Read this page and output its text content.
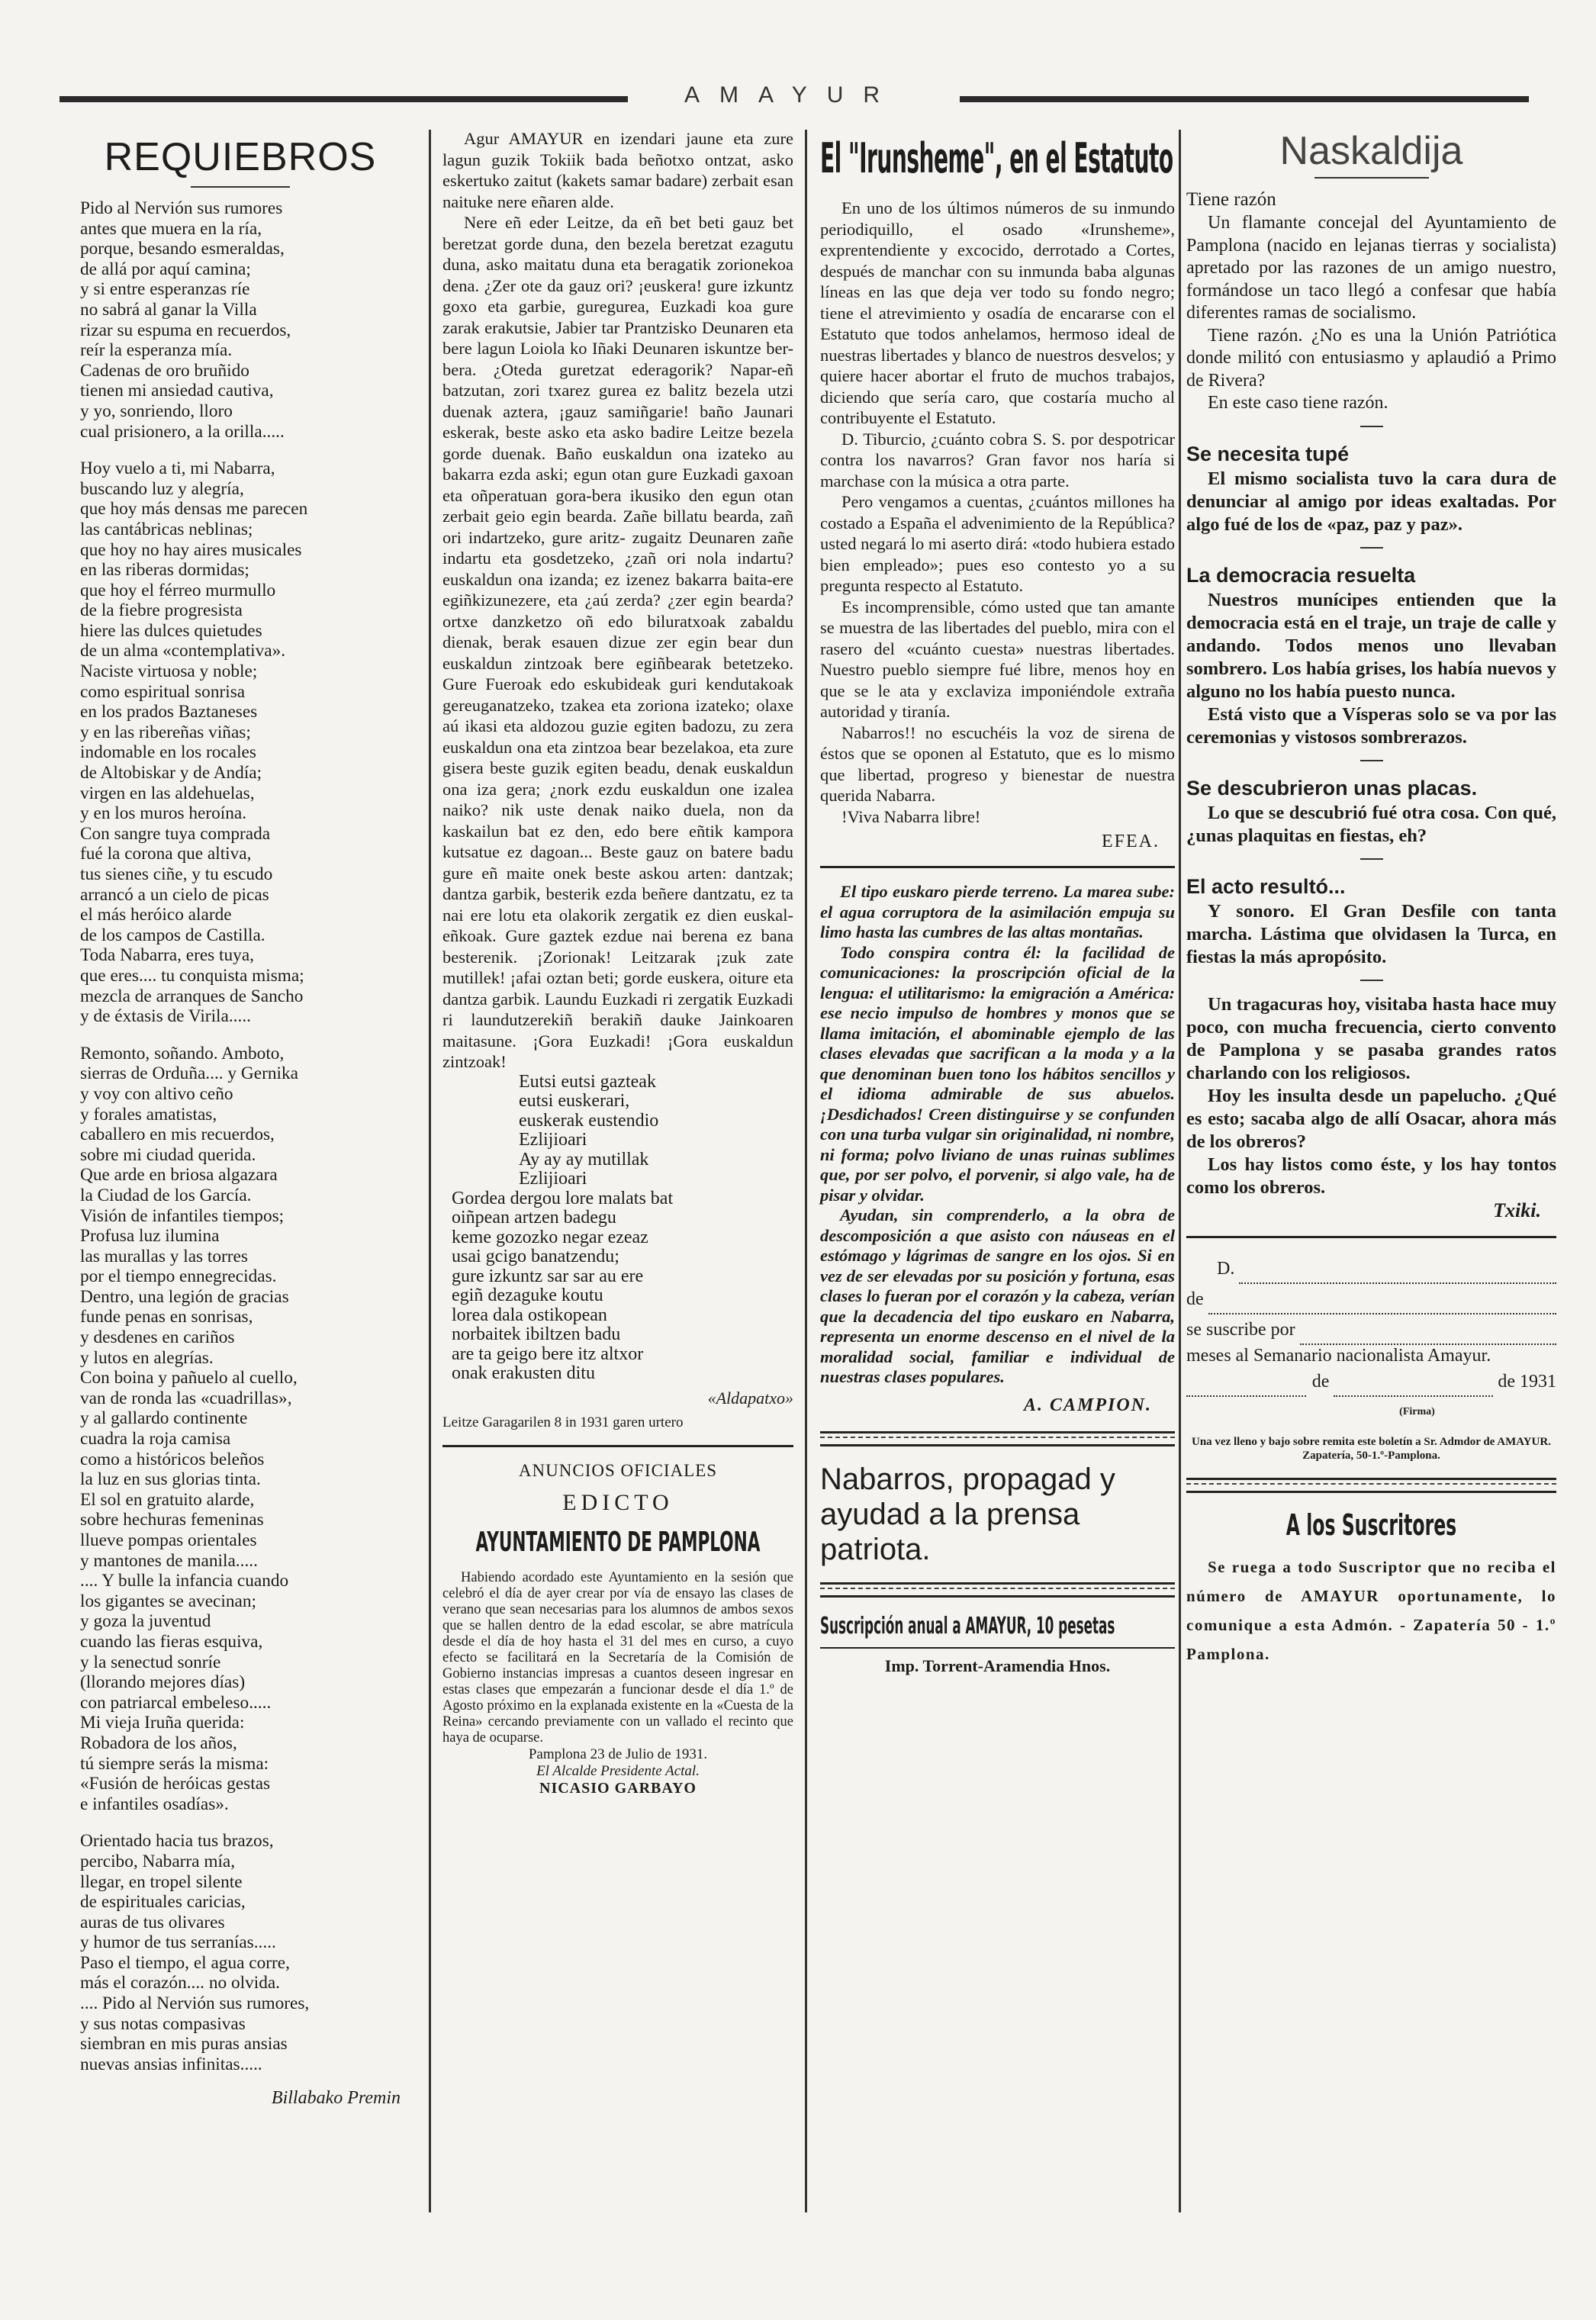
AMAYUR
REQUIEBROS
Pido al Nervión sus rumores
antes que muera en la ría,
porque, besando esmeraldas,
de allá por aquí camina;
y si entre esperanzas ríe
no sabrá al ganar la Villa
rizar su espuma en recuerdos,
reír la esperanza mía.
Cadenas de oro bruñido
tienen mi ansiedad cautiva,
y yo, sonriendo, lloro
cual prisionero, a la orilla.....
Hoy vuelo a ti, mi Nabarra,
buscando luz y alegría,
que hoy más densas me parecen
las cantábricas neblinas;
que hoy no hay aires musicales
en las riberas dormidas;
que hoy el férreo murmullo
de la fiebre progresista
hiere las dulces quietudes
de un alma «contemplativa».
Naciste virtuosa y noble;
como espiritual sonrisa
en los prados Baztaneses
y en las ribereñas viñas;
indomable en los rocales
de Altobiskar y de Andía;
virgen en las aldehuelas,
y en los muros heroína.
Con sangre tuya comprada
fué la corona que altiva,
tus sienes ciñe, y tu escudo
arrancó a un cielo de picas
el más heróico alarde
de los campos de Castilla.
Toda Nabarra, eres tuya,
que eres.... tu conquista misma;
mezcla de arranques de Sancho
y de éxtasis de Virila.....
Remonto, soñando. Amboto,
sierras de Orduña.... y Gernika
y voy con altivo ceño
y forales amatistas,
caballero en mis recuerdos,
sobre mi ciudad querida.
Que arde en briosa algazara
la Ciudad de los García.
Visión de infantiles tiempos;
Profusa luz ilumina
las murallas y las torres
por el tiempo ennegrecidas.
Dentro, una legión de gracias
funde penas en sonrisas,
y desdenes en cariños
y lutos en alegrías.
Con boina y pañuelo al cuello,
van de ronda las «cuadrillas»,
y al gallardo continente
cuadra la roja camisa
como a históricos beleños
la luz en sus glorias tinta.
El sol en gratuito alarde,
sobre hechuras femeninas
llueve pompas orientales
y mantones de manila.....
.... Y bulle la infancia cuando
los gigantes se avecinan;
y goza la juventud
cuando las fieras esquiva,
y la senectud sonríe
(llorando mejores días)
con patriarcal embeleso.....
Mi vieja Iruña querida:
Robadora de los años,
tú siempre serás la misma:
«Fusión de heróicas gestas
e infantiles osadías».
Orientado hacia tus brazos,
percibo, Nabarra mía,
llegar, en tropel silente
de espirituales caricias,
auras de tus olivares
y humor de tus serranías.....
Paso el tiempo, el agua corre,
más el corazón.... no olvida.
.... Pido al Nervión sus rumores,
y sus notas compasivas
siembran en mis puras ansias
nuevas ansias infinitas.....
Billabako Premin

Agur AMAYUR en izendari jaune eta zure lagun guzik Tokiik bada beñotxo ontzat, asko eskertuko zaitut (kakets samar badare) zerbait esan naituke nere eñaren alde.

Nere eñ eder Leitze, da eñ bet beti gauz bet beretzat gorde duna, den bezela beretzat ezagutu duna, asko maitatu duna eta beragatik zorionekoa dena. ¿Zer ote da gauz ori? ¡euskera! gure izkuntz goxo eta garbie, guregurea, Euzkadi koa gure zarak erakutsie, Jabier tar Prantzisko Deunaren eta bere lagun Loiola ko Iñaki Deunaren iskuntze ber-bera. ¿Oteda guretzat ederagorik? Napar-eñ batzutan, zori txarez gurea ez balitz bezela utzi duenak aztera, ¡gauz samiñgarie! baño Jaunari eskerak, beste asko eta asko badire Leitze bezela gorde duenak. Baño euskaldun ona izateko au bakarra ezda aski; egun otan gure Euzkadi gaxoan eta oñperatuan gora-bera ikusiko den egun otan zerbait geio egin bearda. Zañe billatu bearda, zañ ori indartzeko, gure aritz- zugaitz Deunaren zañe indartu eta gosdetzeko, ¿zañ ori nola indartu? euskaldun ona izanda; ez izenez bakarra baita-ere egiñkizunezere, eta ¿aú zerda? ¿zer egin bearda? ortxe danzketzo oñ edo biluratxoak zabaldu dienak, berak esauen dizue zer egin bear dun euskaldun zintzoak bere egiñbearak betetzeko. Gure Fueroak edo eskubideak guri kendutakoak gereuganatzeko, tzakea eta zoriona izateko; olaxe aú ikasi eta aldozou guzie egiten badozu, zu zera euskaldun ona eta zintzoa bear bezelakoa, eta zure gisera beste guzik egiten beadu, denak euskaldun ona iza gera; ¿nork ezdu euskaldun one izalea naiko? nik uste denak naiko duela, non da kaskailun bat ez den, edo bere eñtik kampora kutsatue ez dagoan... Beste gauz on batere badu gure eñ maite onek beste askou arten: dantzak; dantza garbik, besterik ezda beñere dantzatu, ez ta nai ere lotu eta olakorik zergatik ez dien euskal-eñkoak. Gure gaztek ezdue nai berena ez bana besterenik. ¡Zorionak! Leitzarak ¡zuk zate mutillek! ¡afai oztan beti; gorde euskera, oiture eta dantza garbik. Laundu Euzkadi ri zergatik Euzkadi ri laundutzerekiñ berakiñ dauke Jainkoaren maitasune. ¡Gora Euzkadi! ¡Gora euskaldun zintzoak!

Eutsi eutsi gazteak
eutsi euskerari,
euskerak eustendio
Ezlijioari
Ay ay ay mutillak
Ezlijioari
Gordea dergou lore malats bat
oiñpean artzen badegu
keme gozozko negar ezeaz
usai gcigo banatzendu;
gure izkuntz sar sar au ere
egiñ dezaguke koutu
lorea dala ostikopean
norbaitek ibiltzen badu
are ta geigo bere itz altxor
onak erakusten ditu
«Aldapatxo»
Leitze Garagarilen 8 in 1931 garen urtero
ANUNCIOS OFICIALES
EDICTO
AYUNTAMIENTO DE PAMPLONA
Habiendo acordado este Ayuntamiento en la sesión que celebró el día de ayer crear por vía de ensayo las clases de verano que sean necesarias para los alumnos de ambos sexos que se hallen dentro de la edad escolar, se abre matrícula desde el día de hoy hasta el 31 del mes en curso, a cuyo efecto se facilitará en la Secretaría de la Comisión de Gobierno instancias impresas a cuantos deseen ingresar en estas clases que empezarán a funcionar desde el día 1.º de Agosto próximo en la explanada existente en la «Cuesta de la Reina» cercando previamente con un vallado el recinto que haya de ocuparse.
Pamplona 23 de Julio de 1931.
El Alcalde Presidente Actal.
NICASIO GARBAYO
El "Irunsheme", en el Estatuto

En uno de los últimos números de su inmundo periodiquillo, el osado «Irunsheme», exprentendiente y excocido, derrotado a Cortes, después de manchar con su inmunda baba algunas líneas en las que deja ver todo su fondo negro; tiene el atrevimiento y osadía de encararse con el Estatuto que todos anhelamos, hermoso ideal de nuestras libertades y blanco de nuestros desvelos; y quiere hacer abortar el fruto de muchos trabajos, diciendo que sería caro, que costaría mucho al contribuyente el Estatuto.

D. Tiburcio, ¿cuánto cobra S. S. por despotricar contra los navarros? Gran favor nos haría si marchase con la música a otra parte.

Pero vengamos a cuentas, ¿cuántos millones ha costado a España el advenimiento de la República? usted negará lo mi aserto dirá: «todo hubiera estado bien empleado»; pues eso contesto yo a su pregunta respecto al Estatuto.

Es incomprensible, cómo usted que tan amante se muestra de las libertades del pueblo, mira con el rasero del «cuánto cuesta» nuestras libertades. Nuestro pueblo siempre fué libre, menos hoy en que se le ata y exclaviza imponiéndole extraña autoridad y tiranía.

Nabarros!! no escuchéis la voz de sirena de éstos que se oponen al Estatuto, que es lo mismo que libertad, progreso y bienestar de nuestra querida Nabarra.

!Viva Nabarra libre!

EFEA.

El tipo euskaro pierde terreno. La marea sube: el agua corruptora de la asimilación empuja su limo hasta las cumbres de las altas montañas.

Todo conspira contra él: la facilidad de comunicaciones: la proscripción oficial de la lengua: el utilitarismo: la emigración a América: ese necio impulso de hombres y monos que se llama imitación, el abominable ejemplo de las clases elevadas que sacrifican a la moda y a la que denominan buen tono los hábitos sencillos y el idioma admirable de sus abuelos. ¡Desdichados! Creen distinguirse y se confunden con una turba vulgar sin originalidad, ni nombre, ni forma; polvo liviano de unas ruinas sublimes que, por ser polvo, el porvenir, si algo vale, ha de pisar y olvidar.

Ayudan, sin comprenderlo, a la obra de descomposición a que asisto con náuseas en el estómago y lágrimas de sangre en los ojos. Si en vez de ser elevadas por su posición y fortuna, esas clases lo fueran por el corazón y la cabeza, verían que la decadencia del tipo euskaro en Nabarra, representa un enorme descenso en el nivel de la moralidad social, familiar e individual de nuestras clases populares.

A. CAMPION.
Nabarros, propagad y ayudad a la prensa patriota.
Suscripción anual a AMAYUR, 10 pesetas
Imp. Torrent-Aramendia Hnos.
Naskaldija
Tiene razón

Un flamante concejal del Ayuntamiento de Pamplona (nacido en lejanas tierras y socialista) apretado por las razones de un amigo nuestro, formándose un taco llegó a confesar que había diferentes ramas de socialismo.

Tiene razón. ¿No es una la Unión Patriótica donde militó con entusiasmo y aplaudió a Primo de Rivera?

En este caso tiene razón.

Se necesita tupé

El mismo socialista tuvo la cara dura de denunciar al amigo por ideas exaltadas. Por algo fué de los de «paz, paz y paz».

La democracia resuelta

Nuestros munícipes entienden que la democracia está en el traje, un traje de calle y andando. Todos menos uno llevaban sombrero. Los había grises, los había nuevos y alguno no los había puesto nunca.

Está visto que a Vísperas solo se va por las ceremonias y vistosos sombrerazos.

Se descubrieron unas placas.

Lo que se descubrió fué otra cosa. Con qué, ¿unas plaquitas en fiestas, eh?

El acto resultó...

Y sonoro. El Gran Desfile con tanta marcha. Lástima que olvidasen la Turca, en fiestas la más apropósito.

Un tragacuras hoy, visitaba hasta hace muy poco, con mucha frecuencia, cierto convento de Pamplona y se pasaba grandes ratos charlando con los religiosos.

Hoy les insulta desde un papelucho. ¿Qué es esto; sacaba algo de allí Osacar, ahora más de los obreros?

Los hay listos como éste, y los hay tontos como los obreros.

Txiki.
D.
de
se suscribe por
meses al Semanario nacionalista Amayur.
de	de 1931
(Firma)
Una vez lleno y bajo sobre remita este boletín a Sr. Admdor de AMAYUR. Zapatería, 50-1.º-Pamplona.
A los Suscritores
Se ruega a todo Suscriptor que no reciba el número de AMAYUR oportunamente, lo comunique a esta Admón. - Zapatería 50 - 1.º Pamplona.
